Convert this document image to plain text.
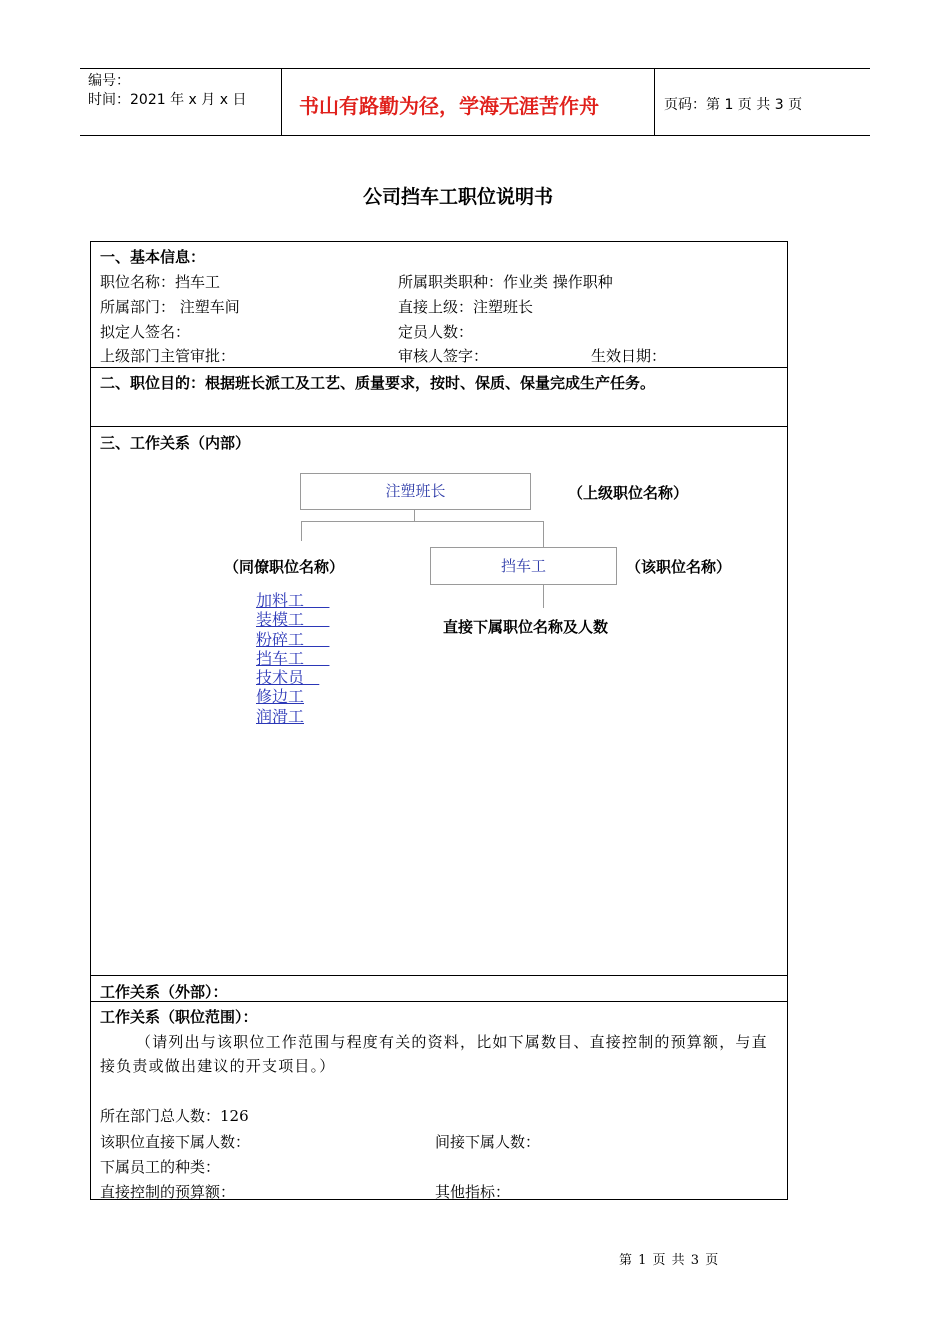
编号：
时间：2021 年 x 月 x 日	书山有路勤为径，学海无涯苦作舟	页码：第 1 页 共 3 页
公司挡车工职位说明书
一、基本信息：
职位名称：挡车工	所属职类职种：作业类 操作职种
所属部门： 注塑车间	直接上级：注塑班长
拟定人签名：	定员人数：
上级部门主管审批：	审核人签字：	生效日期：
二、职位目的：根据班长派工及工艺、质量要求，按时、保质、保量完成生产任务。
三、工作关系（内部）
注塑班长	（上级职位名称）
（同僚职位名称）	挡车工	（该职位名称）
直接下属职位名称及人数
加料工
装模工
粉碎工
挡车工
技术员
修边工
润滑工
工作关系（外部）：
工作关系（职位范围）：
（请列出与该职位工作范围与程度有关的资料，比如下属数目、直接控制的预算额，与直
接负责或做出建议的开支项目。）
所在部门总人数：126
该职位直接下属人数：	间接下属人数：
下属员工的种类：
直接控制的预算额：	其他指标：
第 1 页 共 3 页
